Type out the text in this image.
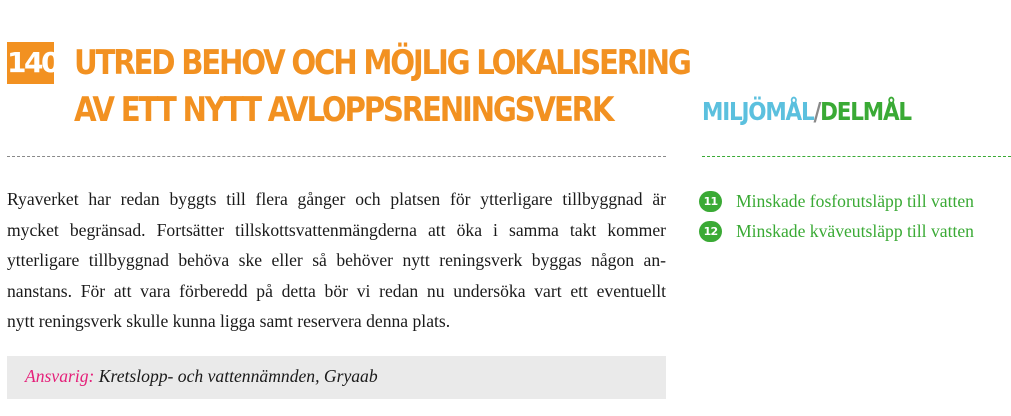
140 UTRED BEHOV OCH MÖJLIG LOKALISERING
AV ETT NYTT AVLOPPSRENINGSVERK	MILJÖMÅL/DELMÅL

Ryaverket har redan byggts till flera gånger och platsen för ytterligare tillbyggnad är
mycket begränsad. Fortsätter tillskottsvattenmängderna att öka i samma takt kommer
ytterligare tillbyggnad behöva ske eller så behöver nytt reningsverk byggas någon an-
nanstans. För att vara förberedd på detta bör vi redan nu undersöka vart ett eventuellt
nytt reningsverk skulle kunna ligga samt reservera denna plats.

Ansvarig: Kretslopp- och vattennämnden, Gryaab
11 Minskade fosforutsläpp till vatten
12 Minskade kväveutsläpp till vatten
